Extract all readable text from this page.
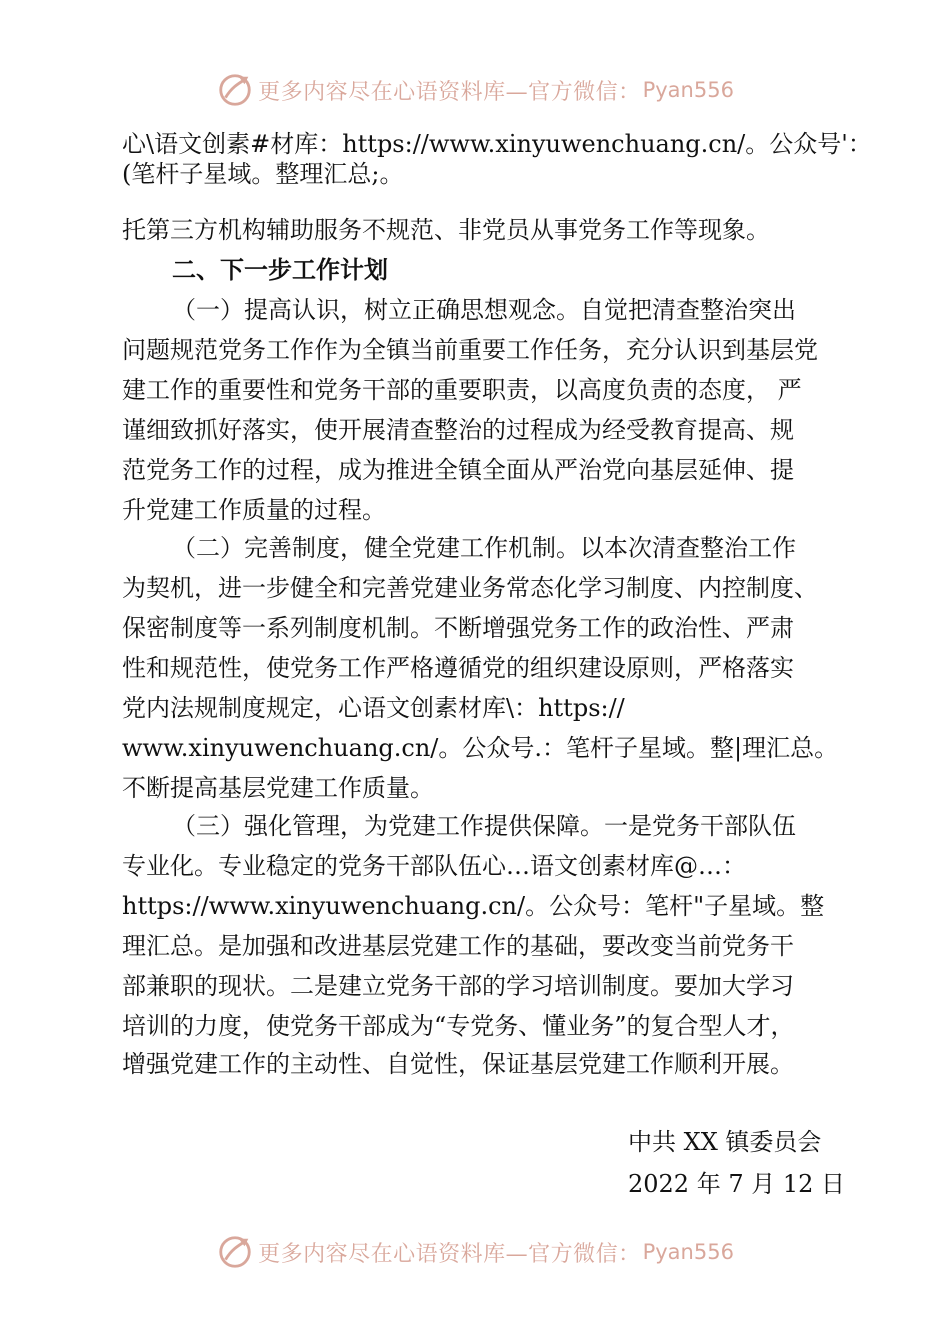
更多内容尽在心语资料库—官方微信： Pyan556
心\语文创素#材库：https://www.xinyuwenchuang.cn/。公众号'：
(笔杆子星域。整理汇总;。
托第三方机构辅助服务不规范、非党员从事党务工作等现象。
二、下一步工作计划
（一）提高认识，树立正确思想观念。自觉把清查整治突出
问题规范党务工作作为全镇当前重要工作任务，充分认识到基层党
建工作的重要性和党务干部的重要职责，以高度负责的态度， 严
谨细致抓好落实，使开展清查整治的过程成为经受教育提高、规
范党务工作的过程，成为推进全镇全面从严治党向基层延伸、提
升党建工作质量的过程。
（二）完善制度，健全党建工作机制。以本次清查整治工作
为契机，进一步健全和完善党建业务常态化学习制度、内控制度、
保密制度等一系列制度机制。不断增强党务工作的政治性、严肃
性和规范性，使党务工作严格遵循党的组织建设原则，严格落实
党内法规制度规定，心语文创素材库\：https://
www.xinyuwenchuang.cn/。公众号.：笔杆子星域。整|理汇总。
不断提高基层党建工作质量。
（三）强化管理，为党建工作提供保障。一是党务干部队伍
专业化。专业稳定的党务干部队伍心…语文创素材库@…：
https://www.xinyuwenchuang.cn/。公众号：笔杆"子星域。整
理汇总。是加强和改进基层党建工作的基础，要改变当前党务干
部兼职的现状。二是建立党务干部的学习培训制度。要加大学习
培训的力度，使党务干部成为“专党务、懂业务”的复合型人才，
增强党建工作的主动性、自觉性，保证基层党建工作顺利开展。
中共 XX 镇委员会
2022 年 7 月 12 日
更多内容尽在心语资料库—官方微信： Pyan556
